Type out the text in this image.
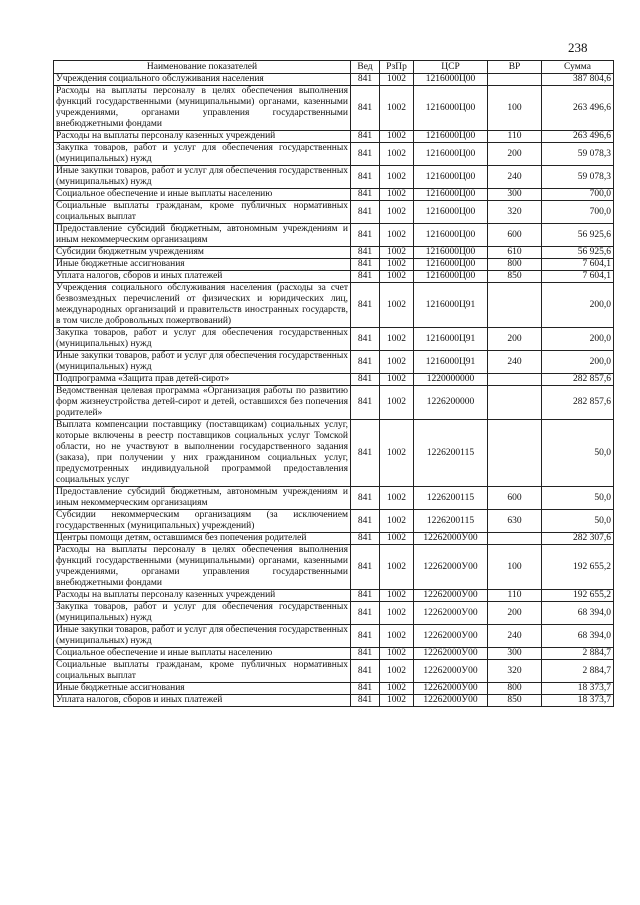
238
Наименование показателей	Вед	РзПр	ЦСР	ВР	Сумма
Учреждения социального обслуживания населения	841	1002	1216000Ц00		387 804,6
Расходы на выплаты персоналу в целях обеспечения выполнения функций государственными (муниципальными) органами, казенными учреждениями, органами управления государственными внебюджетными фондами	841	1002	1216000Ц00	100	263 496,6
Расходы на выплаты персоналу казенных учреждений	841	1002	1216000Ц00	110	263 496,6
Закупка товаров, работ и услуг для обеспечения государственных (муниципальных) нужд	841	1002	1216000Ц00	200	59 078,3
Иные закупки товаров, работ и услуг для обеспечения государственных (муниципальных) нужд	841	1002	1216000Ц00	240	59 078,3
Социальное обеспечение и иные выплаты населению	841	1002	1216000Ц00	300	700,0
Социальные выплаты гражданам, кроме публичных нормативных социальных выплат	841	1002	1216000Ц00	320	700,0
Предоставление субсидий бюджетным, автономным учреждениям и иным некоммерческим организациям	841	1002	1216000Ц00	600	56 925,6
Субсидии бюджетным учреждениям	841	1002	1216000Ц00	610	56 925,6
Иные бюджетные ассигнования	841	1002	1216000Ц00	800	7 604,1
Уплата налогов, сборов и иных платежей	841	1002	1216000Ц00	850	7 604,1
Учреждения социального обслуживания населения (расходы за счет безвозмездных перечислений от физических и юридических лиц, международных организаций и правительств иностранных государств, в том числе добровольных пожертвований)	841	1002	1216000Ц91		200,0
Закупка товаров, работ и услуг для обеспечения государственных (муниципальных) нужд	841	1002	1216000Ц91	200	200,0
Иные закупки товаров, работ и услуг для обеспечения государственных (муниципальных) нужд	841	1002	1216000Ц91	240	200,0
Подпрограмма «Защита прав детей-сирот»	841	1002	1220000000		282 857,6
Ведомственная целевая программа «Организация работы по развитию форм жизнеустройства детей-сирот и детей, оставшихся без попечения родителей»	841	1002	1226200000		282 857,6
Выплата компенсации поставщику (поставщикам) социальных услуг, которые включены в реестр поставщиков социальных услуг Томской области, но не участвуют в выполнении государственного задания (заказа), при получении у них гражданином социальных услуг, предусмотренных индивидуальной программой предоставления социальных услуг	841	1002	1226200115		50,0
Предоставление субсидий бюджетным, автономным учреждениям и иным некоммерческим организациям	841	1002	1226200115	600	50,0
Субсидии некоммерческим организациям (за исключением государственных (муниципальных) учреждений)	841	1002	1226200115	630	50,0
Центры помощи детям, оставшимся без попечения родителей	841	1002	12262000У00		282 307,6
Расходы на выплаты персоналу в целях обеспечения выполнения функций государственными (муниципальными) органами, казенными учреждениями, органами управления государственными внебюджетными фондами	841	1002	12262000У00	100	192 655,2
Расходы на выплаты персоналу казенных учреждений	841	1002	12262000У00	110	192 655,2
Закупка товаров, работ и услуг для обеспечения государственных (муниципальных) нужд	841	1002	12262000У00	200	68 394,0
Иные закупки товаров, работ и услуг для обеспечения государственных (муниципальных) нужд	841	1002	12262000У00	240	68 394,0
Социальное обеспечение и иные выплаты населению	841	1002	12262000У00	300	2 884,7
Социальные выплаты гражданам, кроме публичных нормативных социальных выплат	841	1002	12262000У00	320	2 884,7
Иные бюджетные ассигнования	841	1002	12262000У00	800	18 373,7
Уплата налогов, сборов и иных платежей	841	1002	12262000У00	850	18 373,7
